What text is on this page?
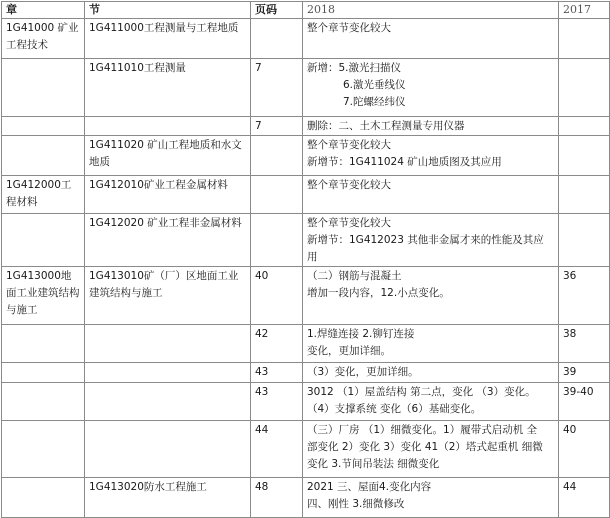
章	节	页码	2018	2017
1G41000 矿业工程技术	1G411000工程测量与工程地质		整个章节变化较大	

	1G411010工程测量	7	新增：5.激光扫描仪
6.激光垂线仪
7.陀螺经纬仪	

		7	删除：二、土木工程测量专用仪器	

	1G411020 矿山工程地质和水文地质		整个章节变化较大
新增节：1G411024 矿山地质图及其应用	

1G412000工程材料	1G412010矿业工程金属材料		整个章节变化较大	

	1G412020 矿业工程非金属材料		整个章节变化较大
新增节：1G412023 其他非金属才来的性能及其应用	

1G413000地面工业建筑结构与施工	1G413010矿（厂）区地面工业建筑结构与施工	40	（二）钢筋与混凝土
增加一段内容，12.小点变化。	36
		42	1.焊缝连接 2.铆钉连接
变化，更加详细。	38
		43	（3）变化，更加详细。	39
		43	3012 （1）屋盖结构 第二点，变化 （3）变化。
（4）支撑系统 变化（6）基础变化。	39-40
		44	（三）厂房 （1）细微变化。1）履带式启动机 全
部变化 2）变化 3）变化 41（2）塔式起重机 细微
变化 3.节间吊装法 细微变化	40
	1G413020防水工程施工	48	2021 三、屋面4.变化内容
四、刚性 3.细微修改	44
